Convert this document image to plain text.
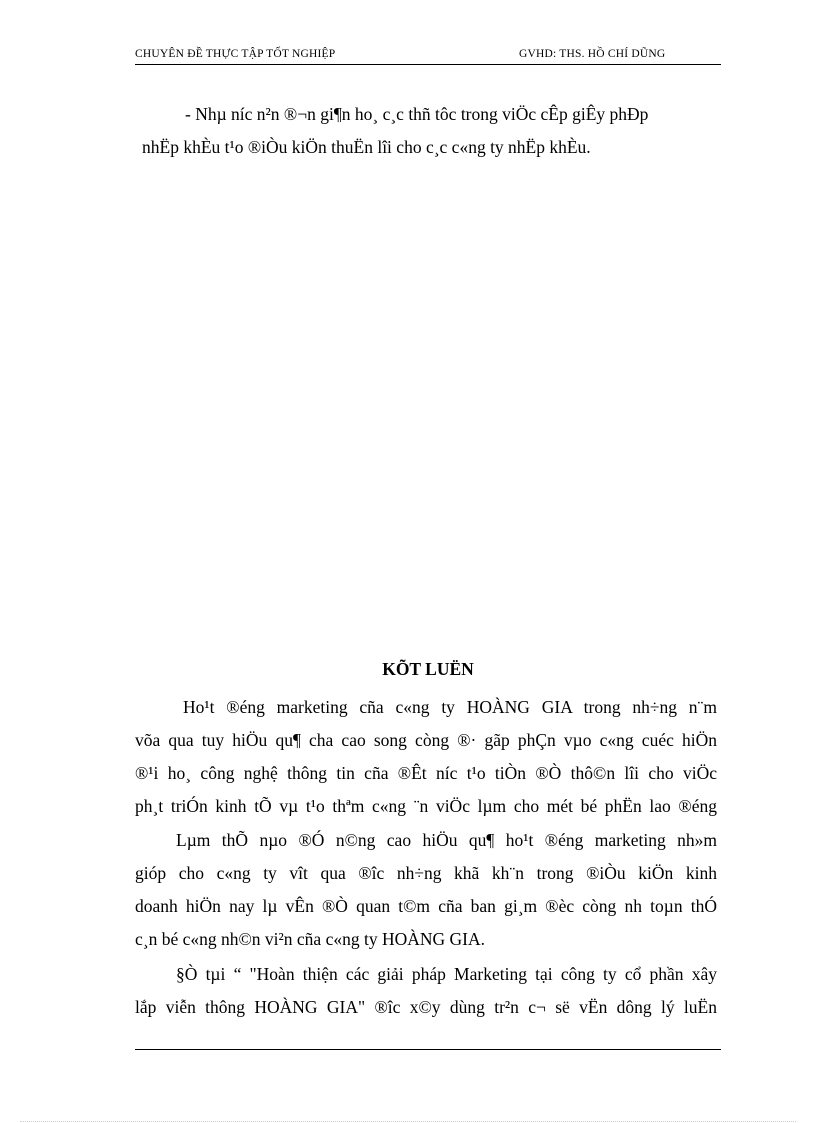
CHUYÊN ĐỀ THỰC TẬP TỐT NGHIỆP	GVHD: THS. HỒ CHÍ DŨNG
- Nhµ níc n²n ®¬n gi¶n ho¸ c¸c thñ tôc trong viÖc cÊp giÊy phÐp
nhËp khÈu t¹o ®iÒu kiÖn thuËn lîi cho c¸c c«ng ty nhËp khÈu.
KÕT LUËN
Ho¹t ®éng marketing cña c«ng ty HOÀNG GIA trong nh÷ng n¨m
võa qua tuy hiÖu qu¶ cha cao song còng ®· gãp phÇn vµo c«ng cuéc hiÖn
®¹i ho¸ công nghệ thông tin cña ®Êt níc t¹o tiÒn ®Ò thô©n lîi cho viÖc
ph¸t triÓn kinh tÕ vµ t¹o thªm c«ng ¨n viÖc lµm cho mét bé phËn lao ®éng
Lµm thÕ nµo ®Ó n©ng cao hiÖu qu¶ ho¹t ®éng marketing nh»m
gióp cho c«ng ty vît qua ®îc nh÷ng khã kh¨n trong ®iÒu kiÖn kinh
doanh hiÖn nay lµ vÊn ®Ò quan t©m cña ban gi¸m ®èc còng nh toµn thÓ
c¸n bé c«ng nh©n vi²n cña c«ng ty HOÀNG GIA.
§Ò tµi “ "Hoàn thiện các giải pháp Marketing tại công ty cổ phần xây
lắp viễn thông HOÀNG GIA" ®îc x©y dùng tr²n c¬ së vËn dông lý luËn
